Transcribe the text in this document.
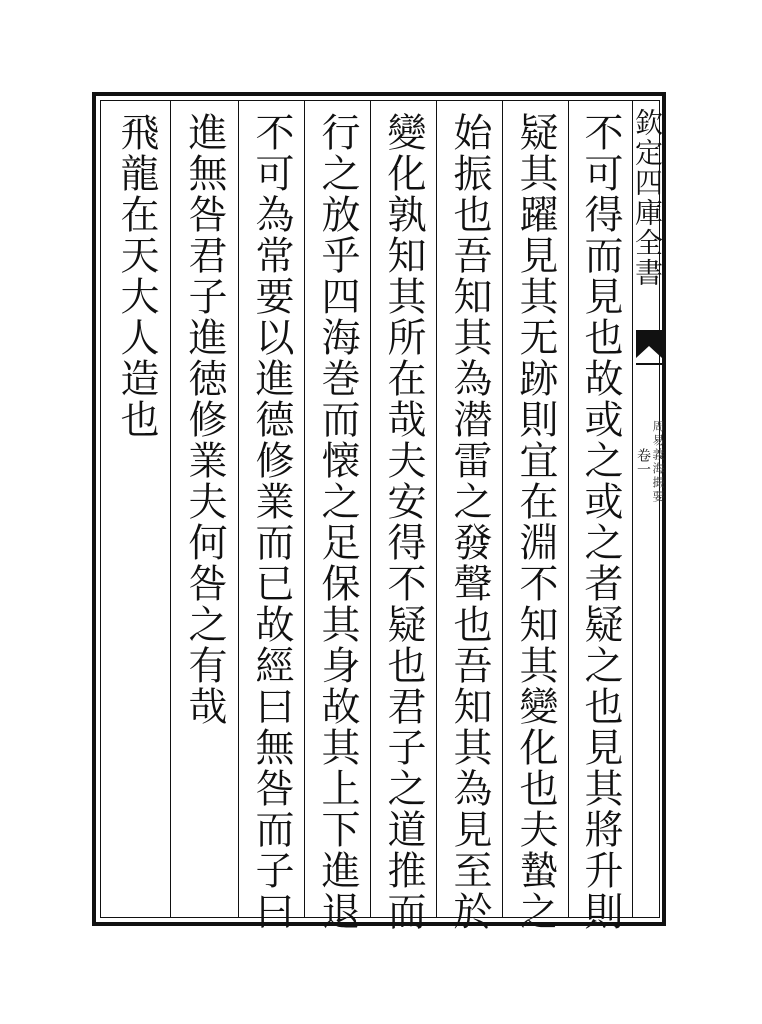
欽定四庫全書
周易義海撮要
卷一
不可得而見也故或之或之者疑之也見其將升則
疑其躍見其无跡則宜在淵不知其變化也夫蟄之
始振也吾知其為潜雷之發聲也吾知其為見至於
變化孰知其所在哉夫安得不疑也君子之道推而
行之放乎四海巻而懐之足保其身故其上下進退
不可為常要以進德修業而已故經曰無咎而子曰
進無咎君子進徳修業夫何咎之有哉
飛龍在天大人造也
